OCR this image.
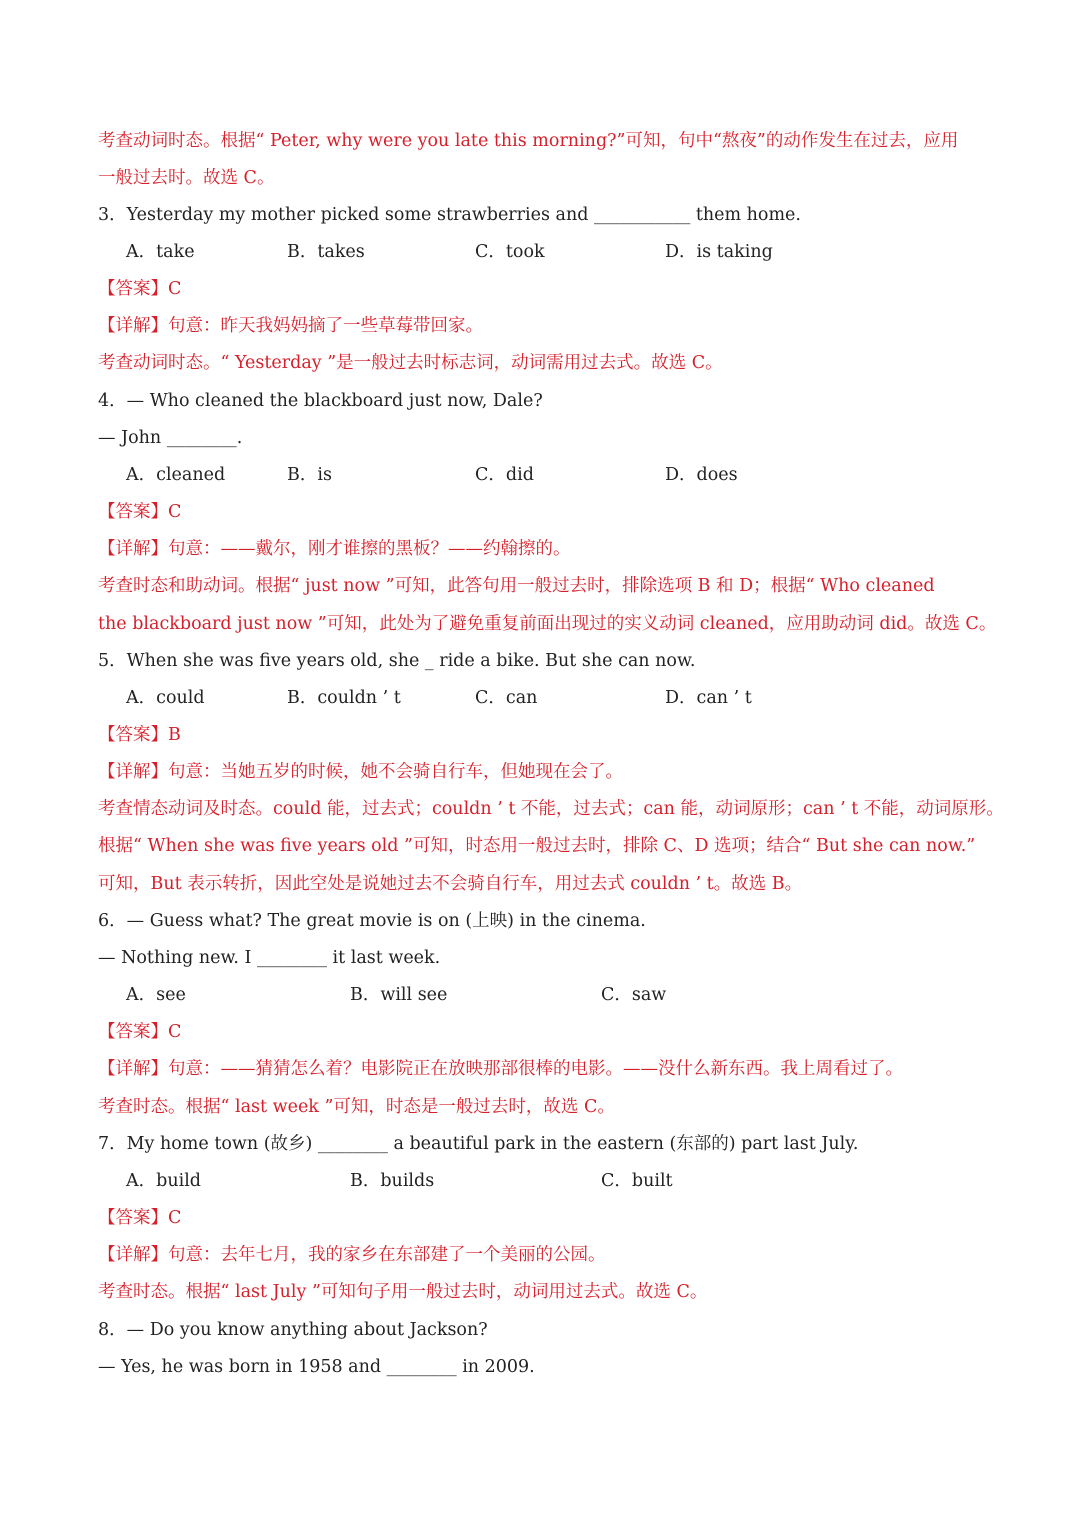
考查动词时态。根据“ Peter, why were you late this morning?”可知，句中“熬夜”的动作发生在过去，应用
一般过去时。故选 C。
3．Yesterday my mother picked some strawberries and ___________ them home.
A．take	B．takes	C．took	D．is taking
【答案】C
【详解】句意：昨天我妈妈摘了一些草莓带回家。
考查动词时态。“ Yesterday ”是一般过去时标志词，动词需用过去式。故选 C。
4．— Who cleaned the blackboard just now, Dale?
— John ________.
A．cleaned	B．is	C．did	D．does
【答案】C
【详解】句意：——戴尔，刚才谁擦的黑板？——约翰擦的。
考查时态和助动词。根据“ just now ”可知，此答句用一般过去时，排除选项 B 和 D；根据“ Who cleaned
the blackboard just now ”可知，此处为了避免重复前面出现过的实义动词 cleaned，应用助动词 did。故选 C。
5．When she was five years old, she _ ride a bike. But she can now.
A．could	B．couldn ’ t	C．can	D．can ’ t
【答案】B
【详解】句意：当她五岁的时候，她不会骑自行车，但她现在会了。
考查情态动词及时态。could 能，过去式；couldn ’ t 不能，过去式；can 能，动词原形；can ’ t 不能，动词原形。
根据“ When she was five years old ”可知，时态用一般过去时，排除 C、D 选项；结合“ But she can now.”
可知，But 表示转折，因此空处是说她过去不会骑自行车，用过去式 couldn ’ t。故选 B。
6．— Guess what? The great movie is on (上映) in the cinema.
— Nothing new. I ________ it last week.
A．see	B．will see	C．saw
【答案】C
【详解】句意：——猜猜怎么着？电影院正在放映那部很棒的电影。——没什么新东西。我上周看过了。
考查时态。根据“ last week ”可知，时态是一般过去时，故选 C。
7．My home town (故乡) ________ a beautiful park in the eastern (东部的) part last July.
A．build	B．builds	C．built
【答案】C
【详解】句意：去年七月，我的家乡在东部建了一个美丽的公园。
考查时态。根据“ last July ”可知句子用一般过去时，动词用过去式。故选 C。
8．— Do you know anything about Jackson?
— Yes, he was born in 1958 and ________ in 2009.
